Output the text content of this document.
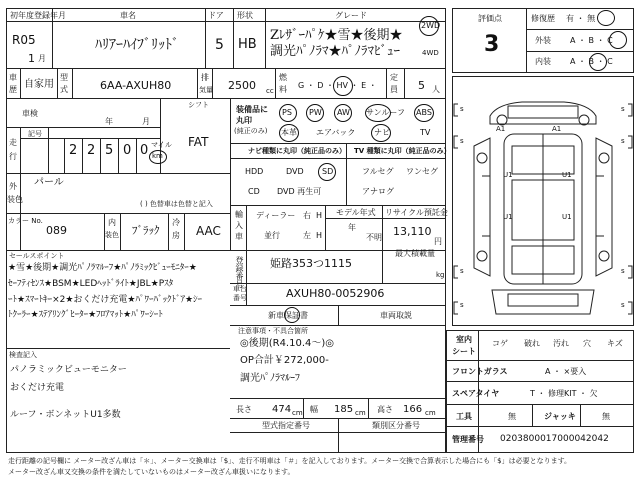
初年度登録年月	車名	ドア 形状	グレード
R05
1 月
ﾊﾘｱｰﾊｲﾌﾞﾘｯﾄﾞ	5 HB
Zﾚｻﾞｰﾊﾟｹ★雪★後期★
調光ﾊﾟﾉﾗﾏ★ﾊﾟﾉﾗﾏﾋﾞｭｰ
2WD
4WD
車
歴 自家用
型
式	6AA-AXUH80
排
気量 2500 cc
燃
料 G ・ D ・ HV ・ E ・
定
員 5 人
車検
年	月
シフト
FAT
走
行
記号
2 2 5 0 0 マイル
km
外
装色
パール
( ) 色替車は色替と記入
カラー No.
089
内
装色 ﾌﾞﾗｯｸ
冷
房 AAC
セールスポイント
★雪★後期★調光ﾊﾟﾉﾗﾏﾙｰﾌ★ﾊﾟﾉﾗﾐｯｸﾋﾞｭｰﾓﾆﾀｰ★
ｾｰﾌﾃｨｾﾝｽ★BSM★LEDﾍｯﾄﾞﾗｲﾄ★JBL★Pｽﾀ
ｰﾄ★ｽﾏｰﾄｷｰ×2★おくだけ充電★ﾊﾟﾜｰﾊﾞｯｸﾄﾞｱ★ｼｰ
ﾄｸｰﾗｰ★ｽﾃｱﾘﾝｸﾞﾋｰﾀｰ★ﾌﾛｱﾏｯﾄ★ﾊﾟﾜｰｼｰﾄ
検査記入
パノラミックビューモニター
おくだけ充電
ルーフ・ボンネットU1多数
装備品に
丸印
(純正のみ)
PS PW AW サンルーフ ABS
本革 エアバック ナビ	TV
ナビ種類に丸印（純正品のみ） TV 種類に丸印（純正品のみ）
HDD	DVD SD
CD DVD 再生可
フルセグ ワンセグ
アナログ
輸
入
車
ディーラー
並行
右 H
左 H
モデル年式
年
不明
リサイクル預託金
13,110
円
登録番号 姫路353つ1115
最大積載量
kg
車台
番号	AXUH80-0052906
新車保証書	車両取説
注意事項・不具合箇所
◎後期(R4.10.4～)◎
OP合計￥272,000-
調光ﾊﾟﾉﾗﾏﾙｰﾌ
長さ 474 cm 幅 185 cm 高さ 166 cm
型式指定番号	類別区分番号
評価点
3
修復歴 有 ・ 無
外装 A ・ B ・ C
内装 A ・ B ・ C
A1	A1
U1	U1
U1	U1
s	s
s	s
s	s
s	s
室内
シート
コゲ 破れ 汚れ 穴 キズ
フロントガラス	A ・ ×要入
スペアタイヤ	T ・ 修理KIT ・ 欠
工具	無	ジャッキ	無
管理番号 0203800017000042042
走行距離の記号欄に メーター改ざん車は「＊」、メーター交換車は「$」、走行不明車は「＃」を記入しております。メーター交換で合算表示した場合にも「$」は必要となります。
メーター改ざん車又交換の条件を満たしていないものはメーター改ざん車扱いになります。
